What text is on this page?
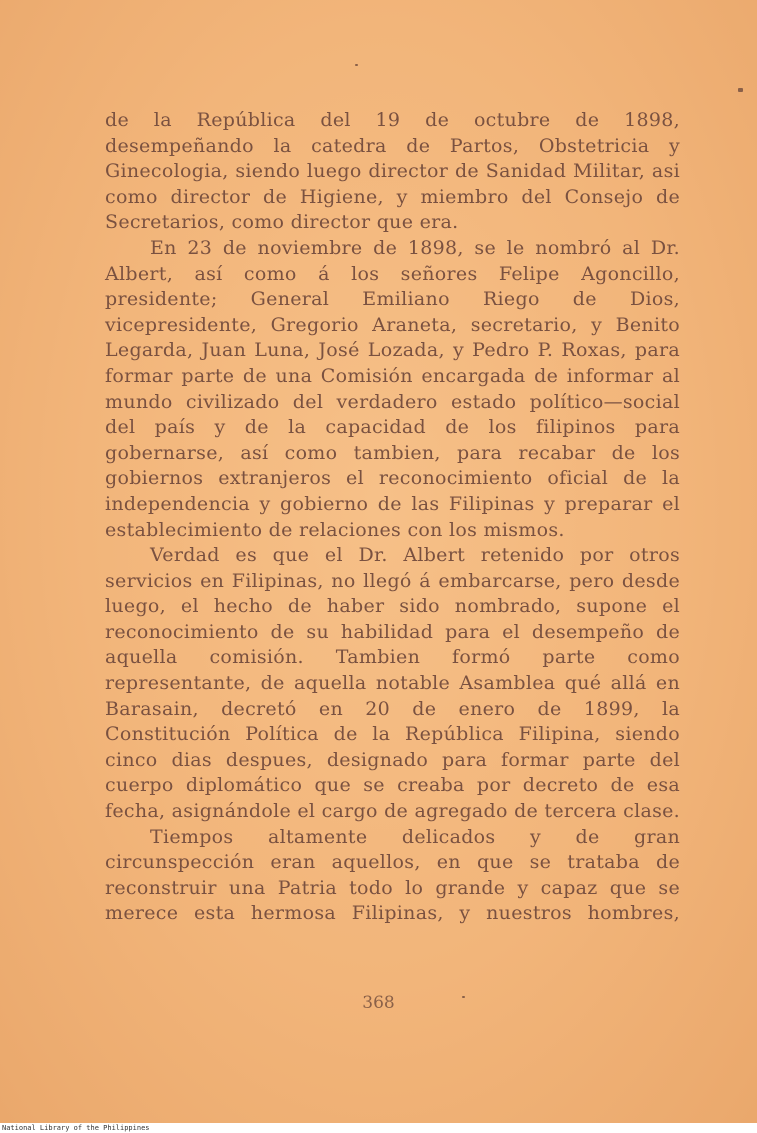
de la República del 19 de octubre de 1898, desempeñando la catedra de Partos, Obstetricia y Ginecologia, siendo luego director de Sanidad Militar, asi como director de Higiene, y miembro del Consejo de Secretarios, como director que era.

En 23 de noviembre de 1898, se le nombró al Dr. Albert, así como á los señores Felipe Agoncillo, presidente; General Emiliano Riego de Dios, vicepresidente, Gregorio Araneta, secretario, y Benito Legarda, Juan Luna, José Lozada, y Pedro P. Roxas, para formar parte de una Comisión encargada de informar al mundo civilizado del verdadero estado político—social del país y de la capacidad de los filipinos para gobernarse, así como tambien, para recabar de los gobiernos extranjeros el reconocimiento oficial de la independencia y gobierno de las Filipinas y preparar el establecimiento de relaciones con los mismos.

Verdad es que el Dr. Albert retenido por otros servicios en Filipinas, no llegó á embarcarse, pero desde luego, el hecho de haber sido nombrado, supone el reconocimiento de su habilidad para el desempeño de aquella comisión. Tambien formó parte como representante, de aquella notable Asamblea qué allá en Barasain, decretó en 20 de enero de 1899, la Constitución Política de la República Filipina, siendo cinco dias despues, designado para formar parte del cuerpo diplomático que se creaba por decreto de esa fecha, asignándole el cargo de agregado de tercera clase.

Tiempos altamente delicados y de gran circunspección eran aquellos, en que se trataba de reconstruir una Patria todo lo grande y capaz que se merece esta hermosa Filipinas, y nuestros hombres,

368
National Library of the Philippines
